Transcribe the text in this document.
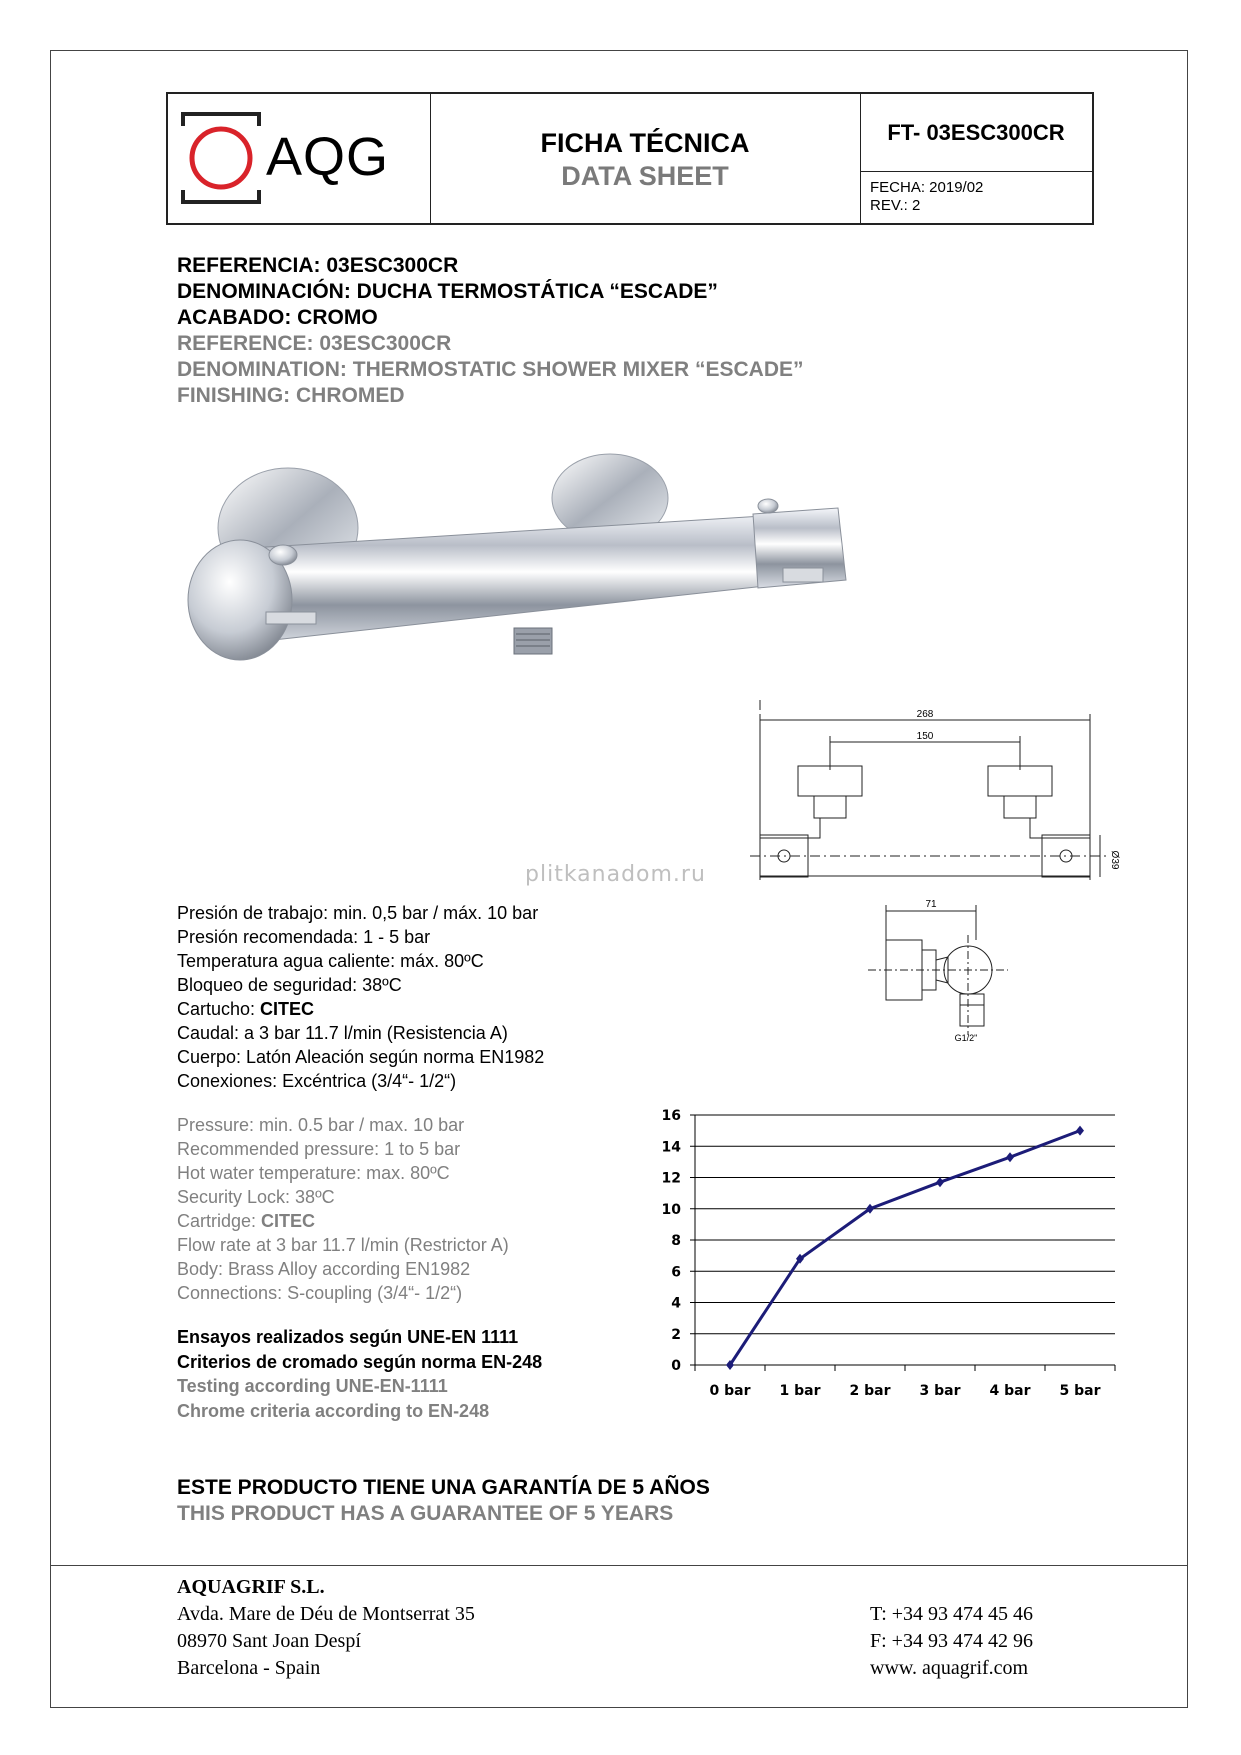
AQG	FICHA TÉCNICA
DATA SHEET
FT- 03ESC300CR
FECHA: 2019/02
REV.: 2
REFERENCIA: 03ESC300CR
DENOMINACIÓN: DUCHA TERMOSTÁTICA “ESCADE”
ACABADO: CROMO
REFERENCE: 03ESC300CR
DENOMINATION: THERMOSTATIC SHOWER MIXER “ESCADE”
FINISHING: CHROMED
plitkanadom.ru
268
150
Ø39
71
G1/2"
Presión de trabajo: min. 0,5 bar / máx. 10 bar
Presión recomendada: 1 - 5 bar
Temperatura agua caliente: máx. 80ºC
Bloqueo de seguridad: 38ºC
Cartucho: CITEC
Caudal: a 3 bar 11.7 l/min (Resistencia A)
Cuerpo: Latón Aleación según norma EN1982
Conexiones: Excéntrica (3/4“- 1/2“)
Pressure: min. 0.5 bar / max. 10 bar
Recommended pressure: 1 to 5 bar
Hot water temperature: max. 80ºC
Security Lock: 38ºC
Cartridge: CITEC
Flow rate at 3 bar 11.7 l/min (Restrictor A)
Body: Brass Alloy according EN1982
Connections: S-coupling (3/4“- 1/2“)
Ensayos realizados según UNE-EN 1111
Criterios de cromado según norma EN-248
Testing according UNE-EN-1111
Chrome criteria according to EN-248
0
2
4
6
8
10
12
14
16
0 bar 1 bar 2 bar 3 bar 4 bar 5 bar
ESTE PRODUCTO TIENE UNA GARANTÍA DE 5 AÑOS
THIS PRODUCT HAS A GUARANTEE OF 5 YEARS
AQUAGRIF S.L.
Avda. Mare de Déu de Montserrat 35
08970 Sant Joan Despí
Barcelona - Spain
T: +34 93 474 45 46
F: +34 93 474 42 96
www. aquagrif.com
